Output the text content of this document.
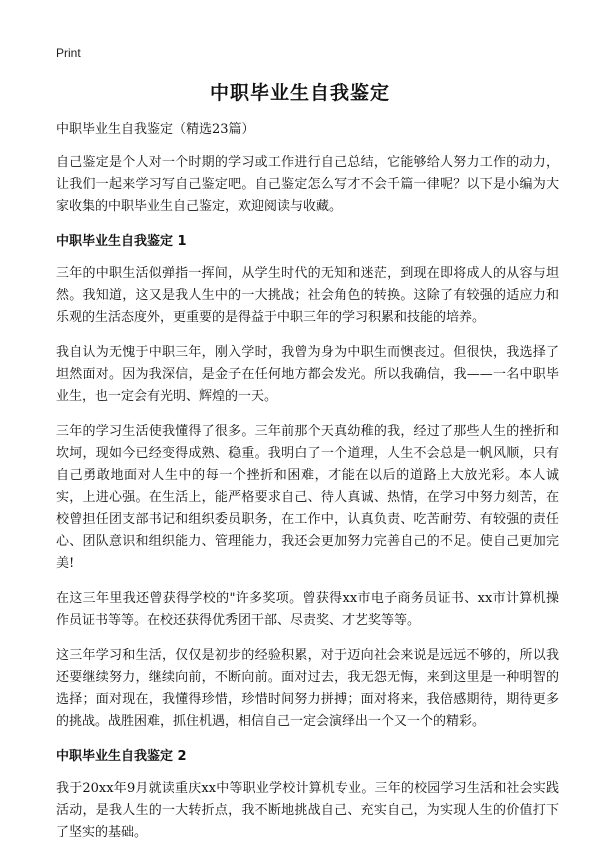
Print
中职毕业生自我鉴定

中职毕业生自我鉴定（精选23篇）

自己鉴定是个人对一个时期的学习或工作进行自己总结，它能够给人努力工作的动力，让我们一起来学习写自己鉴定吧。自己鉴定怎么写才不会千篇一律呢？以下是小编为大家收集的中职毕业生自己鉴定，欢迎阅读与收藏。

中职毕业生自我鉴定 1

三年的中职生活似弹指一挥间，从学生时代的无知和迷茫，到现在即将成人的从容与坦然。我知道，这又是我人生中的一大挑战；社会角色的转换。这除了有较强的适应力和乐观的生活态度外，更重要的是得益于中职三年的学习积累和技能的培养。

我自认为无愧于中职三年，刚入学时，我曾为身为中职生而懊丧过。但很快，我选择了坦然面对。因为我深信，是金子在任何地方都会发光。所以我确信，我——一名中职毕业生，也一定会有光明、辉煌的一天。

三年的学习生活使我懂得了很多。三年前那个天真幼稚的我，经过了那些人生的挫折和坎坷，现如今已经变得成熟、稳重。我明白了一个道理，人生不会总是一帆风顺，只有自己勇敢地面对人生中的每一个挫折和困难，才能在以后的道路上大放光彩。本人诚实，上进心强。在生活上，能严格要求自己、待人真诚、热情，在学习中努力刻苦，在校曾担任团支部书记和组织委员职务，在工作中，认真负责、吃苦耐劳、有较强的责任心、团队意识和组织能力、管理能力，我还会更加努力完善自己的不足。使自己更加完美!

在这三年里我还曾获得学校的"许多奖项。曾获得xx市电子商务员证书、xx市计算机操作员证书等等。在校还获得优秀团干部、尽责奖、才艺奖等等。

这三年学习和生活，仅仅是初步的经验积累，对于迈向社会来说是远远不够的，所以我还要继续努力，继续向前，不断向前。面对过去，我无怨无悔，来到这里是一种明智的选择；面对现在，我懂得珍惜，珍惜时间努力拼搏；面对将来，我倍感期待，期待更多的挑战。战胜困难，抓住机遇，相信自己一定会演绎出一个又一个的精彩。

中职毕业生自我鉴定 2

我于20xx年9月就读重庆xx中等职业学校计算机专业。三年的校园学习生活和社会实践活动，是我人生的一大转折点，我不断地挑战自己、充实自己，为实现人生的价值打下了坚实的基础。
